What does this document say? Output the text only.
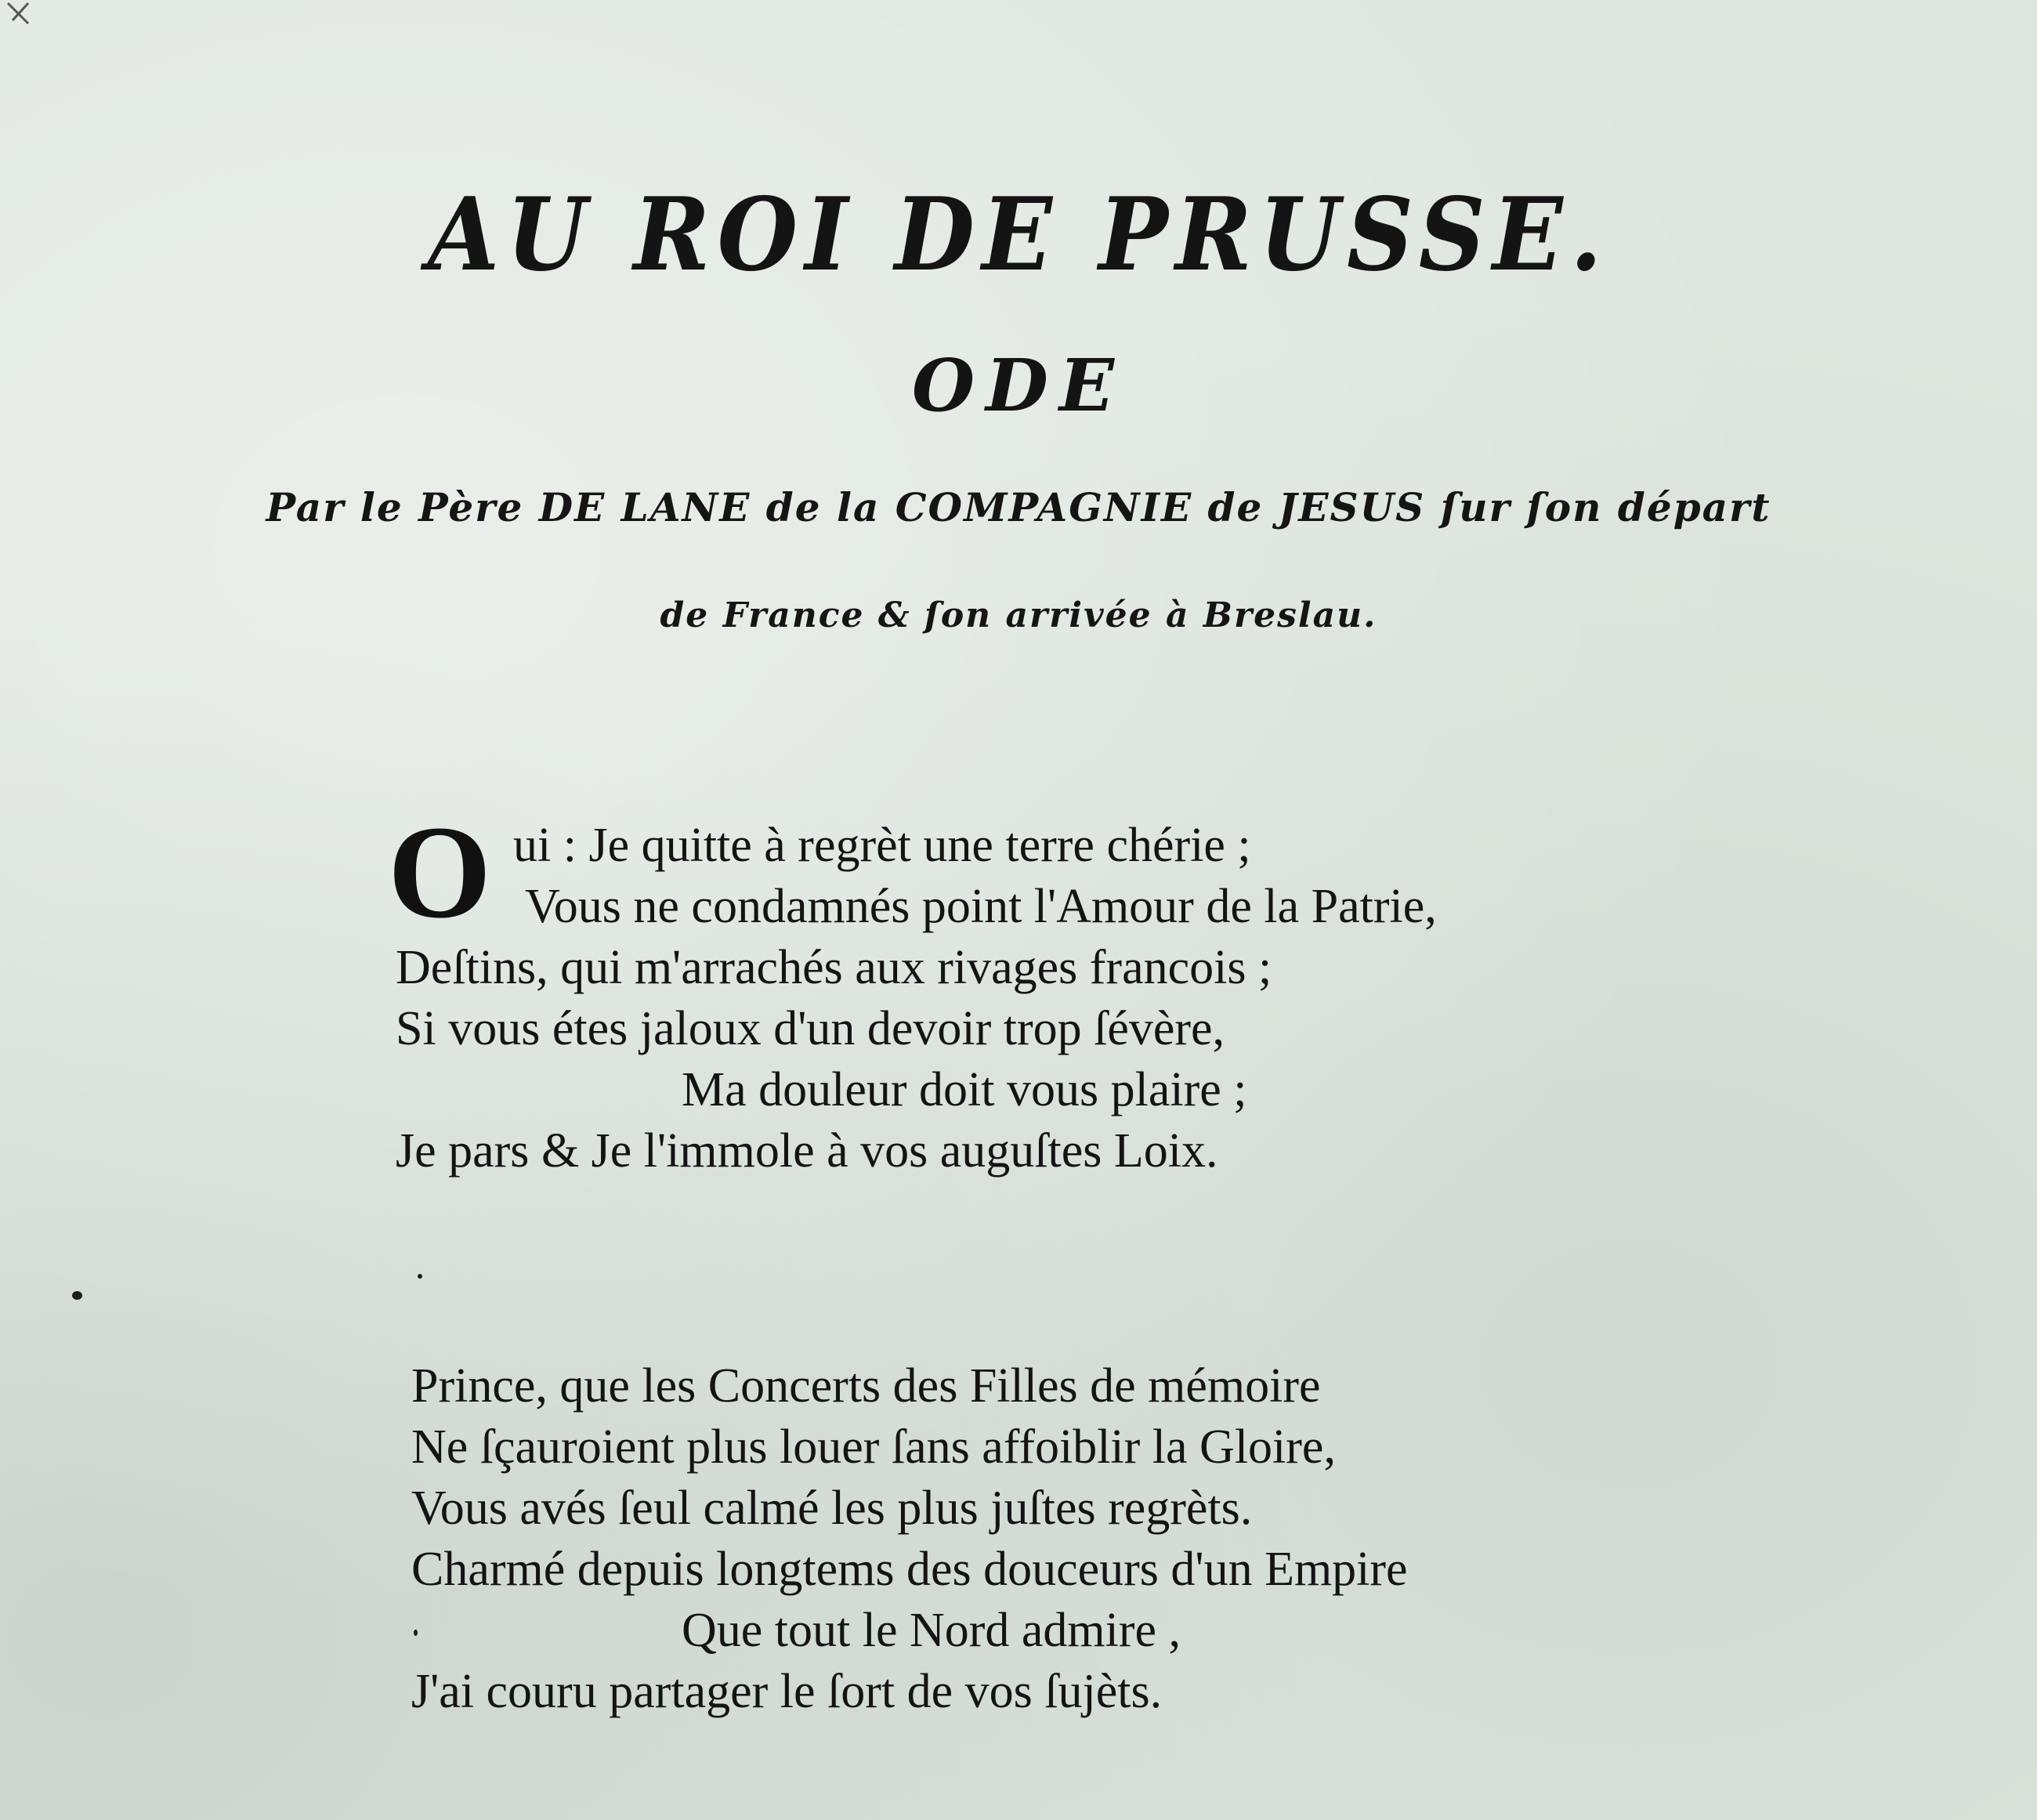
AU ROI DE PRUSSE.
ODE
Par le Père DE LANE de la COMPAGNIE de JESUS ſur ſon départ
de France & ſon arrivée à Breslau.
O ui : Je quitte à regrèt une terre chérie ;
Vous ne condamnés point l'Amour de la Patrie,
Deſtins, qui m'arrachés aux rivages francois ;
Si vous étes jaloux d'un devoir trop ſévère,
Ma douleur doit vous plaire ;
Je pars & Je l'immole à vos auguſtes Loix.
Prince, que les Concerts des Filles de mémoire
Ne ſçauroient plus louer ſans affoiblir la Gloire,
Vous avés ſeul calmé les plus juſtes regrèts.
Charmé depuis longtems des douceurs d'un Empire
Que tout le Nord admire ,
J'ai couru partager le ſort de vos ſujèts.
